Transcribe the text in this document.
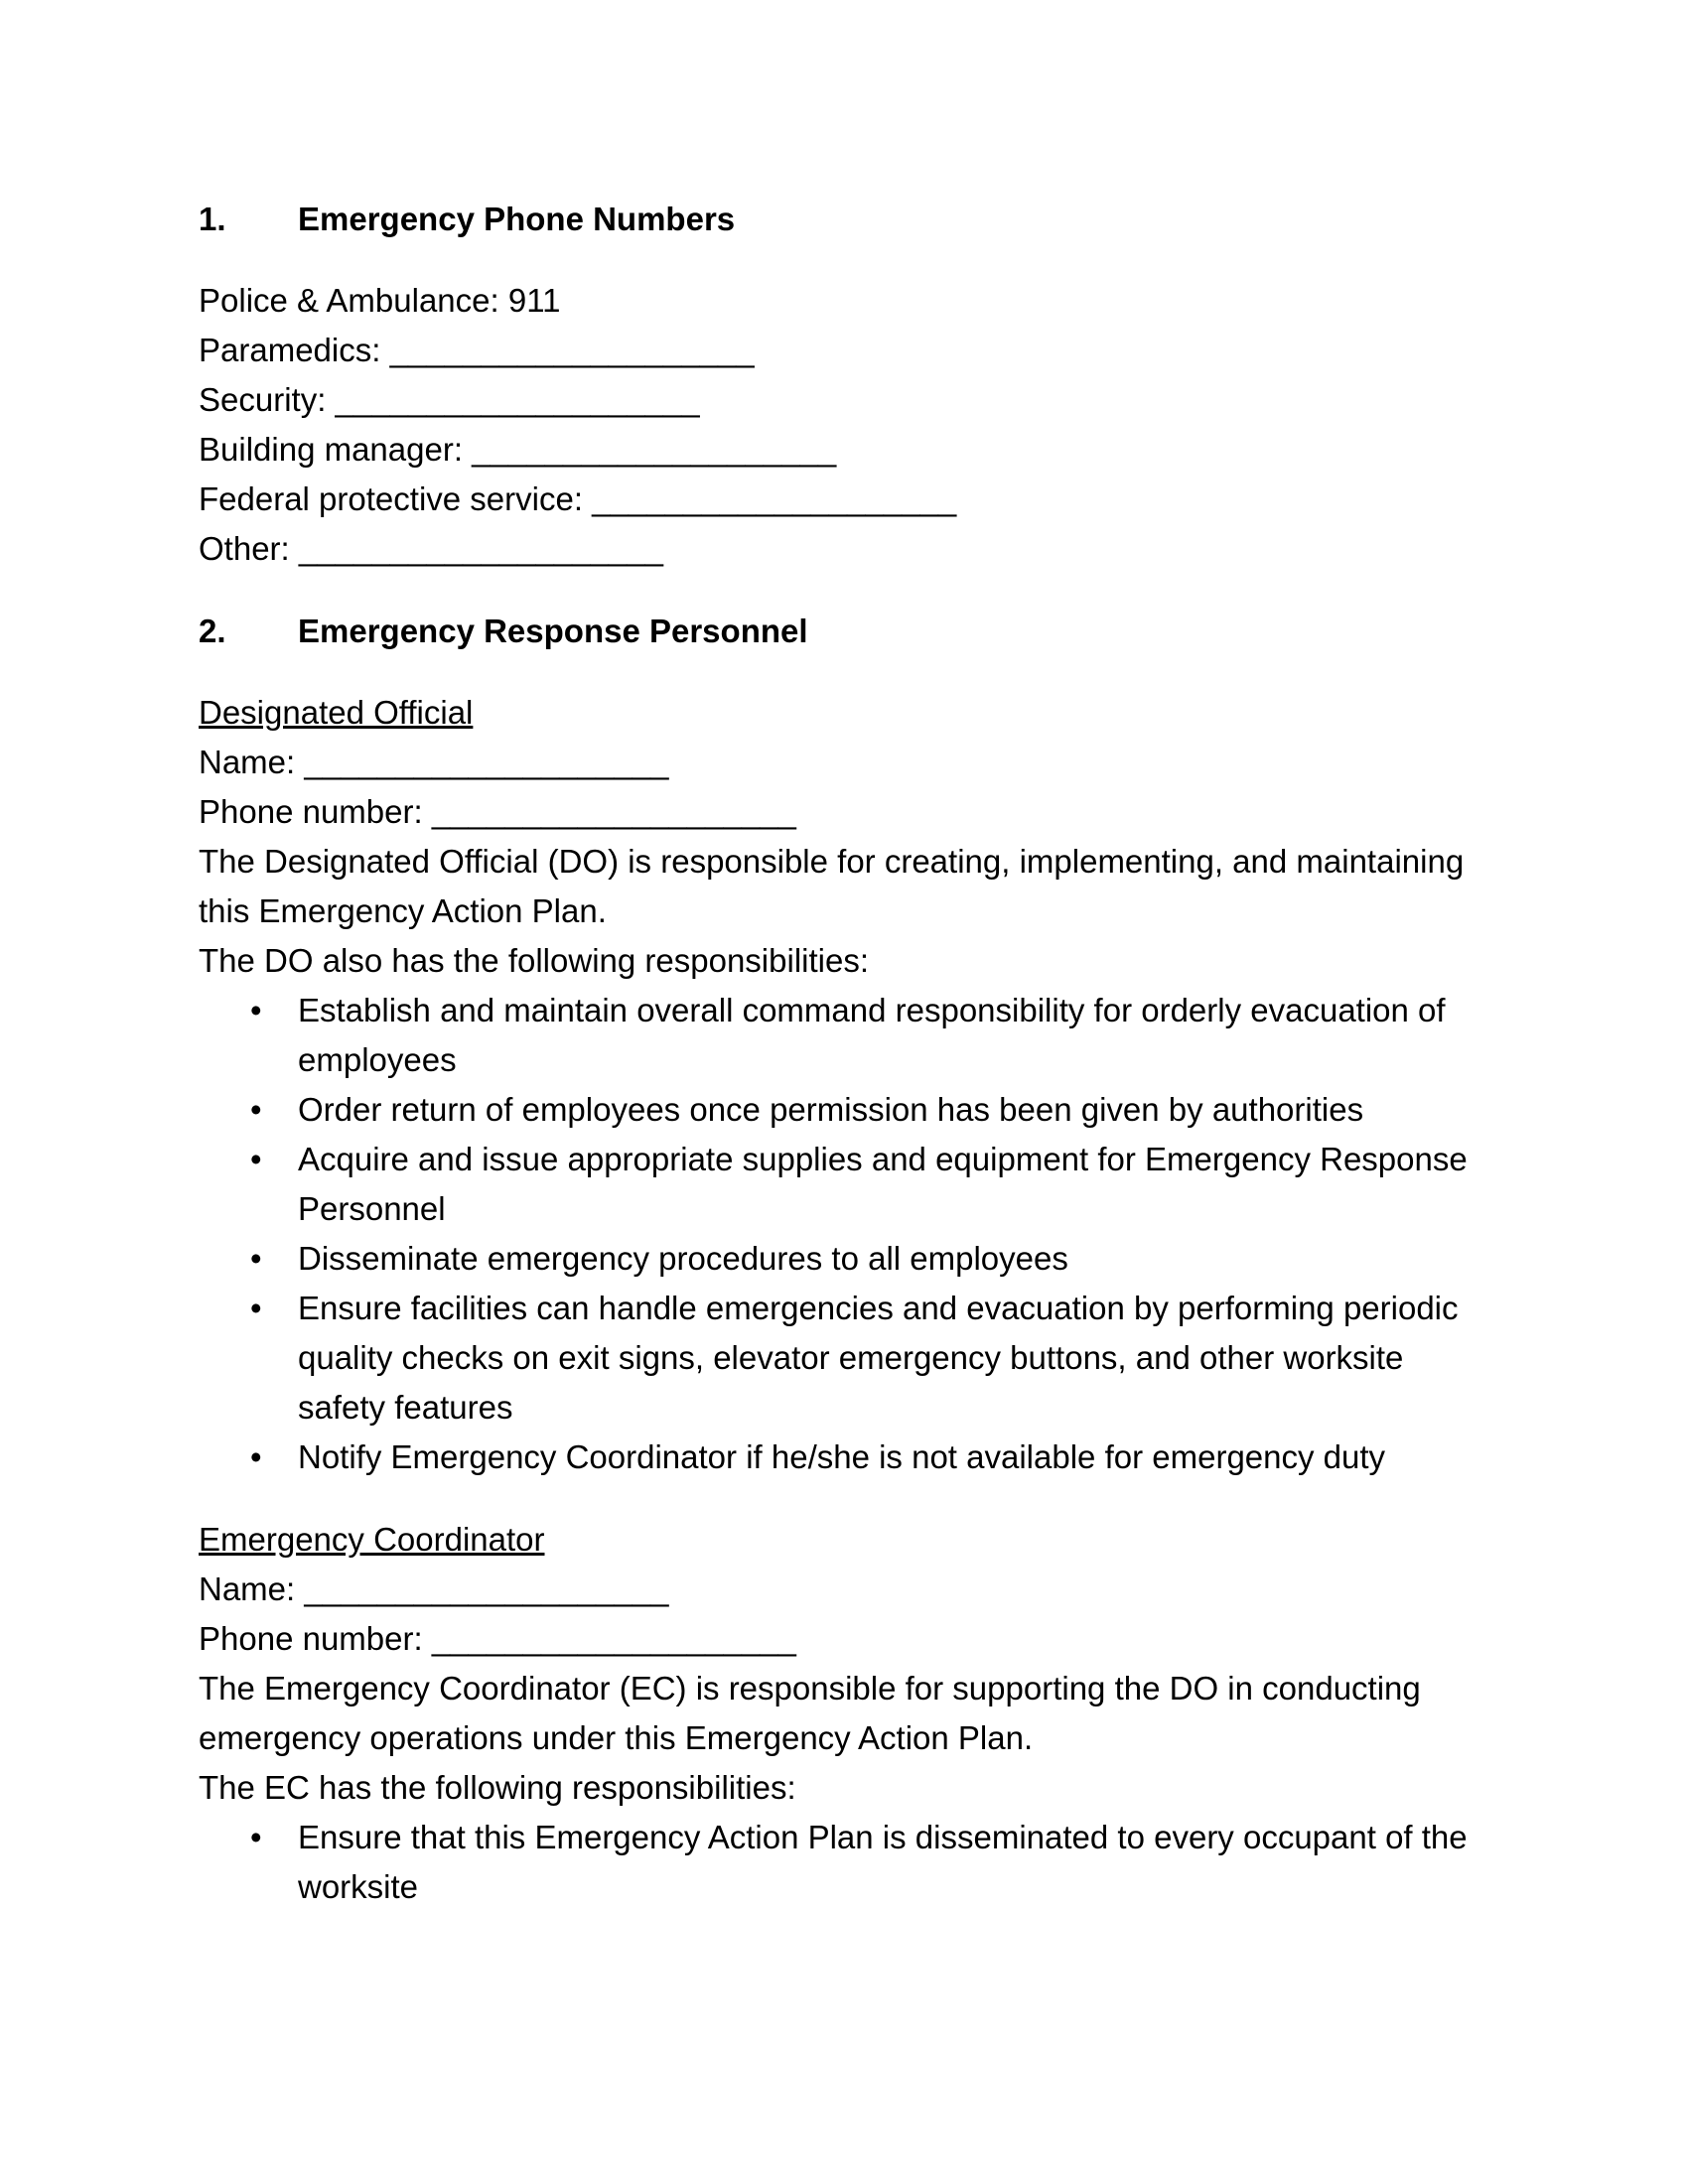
1.	Emergency Phone Numbers

Police & Ambulance: 911

Paramedics: ____________________

Security: ____________________

Building manager: ____________________

Federal protective service: ____________________

Other: ____________________

2.	Emergency Response Personnel

Designated Official

Name: ____________________

Phone number: ____________________

The Designated Official (DO) is responsible for creating, implementing, and maintaining this Emergency Action Plan.

The DO also has the following responsibilities:

• Establish and maintain overall command responsibility for orderly evacuation of employees
• Order return of employees once permission has been given by authorities
• Acquire and issue appropriate supplies and equipment for Emergency Response Personnel
• Disseminate emergency procedures to all employees
• Ensure facilities can handle emergencies and evacuation by performing periodic quality checks on exit signs, elevator emergency buttons, and other worksite safety features
• Notify Emergency Coordinator if he/she is not available for emergency duty

Emergency Coordinator

Name: ____________________

Phone number: ____________________

The Emergency Coordinator (EC) is responsible for supporting the DO in conducting emergency operations under this Emergency Action Plan.

The EC has the following responsibilities:

• Ensure that this Emergency Action Plan is disseminated to every occupant of the worksite
